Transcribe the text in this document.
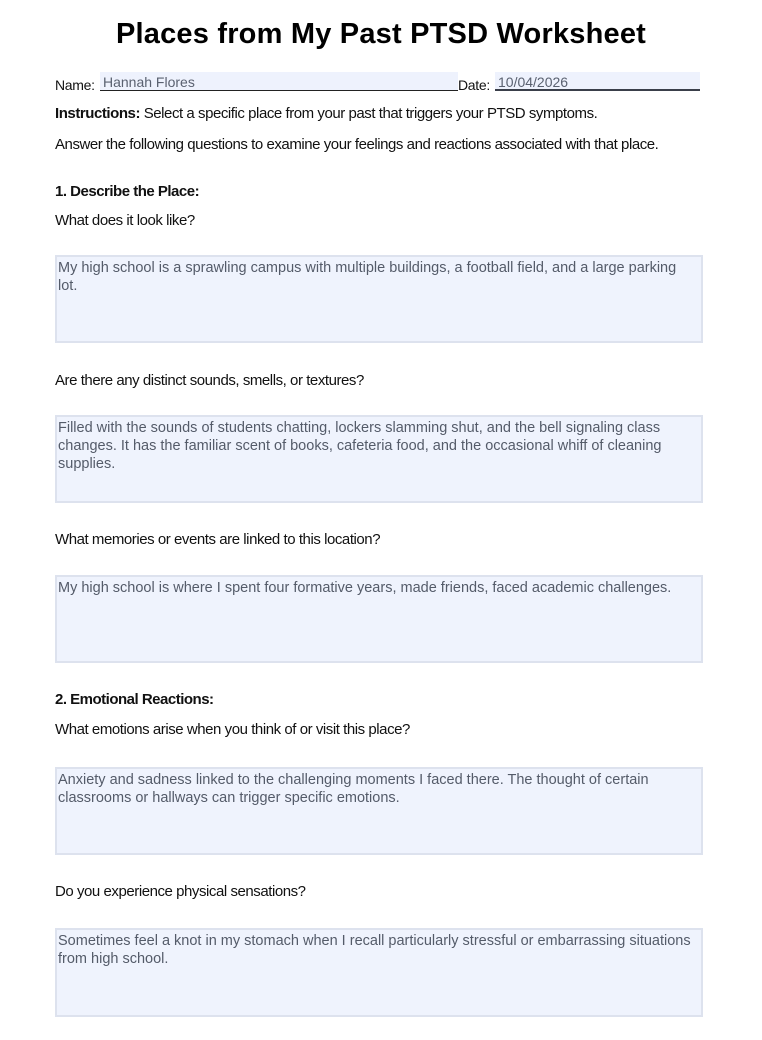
Places from My Past PTSD Worksheet
Name: Hannah Flores	Date: 10/04/2026
Instructions: Select a specific place from your past that triggers your PTSD symptoms.
Answer the following questions to examine your feelings and reactions associated with that place.
1. Describe the Place:
What does it look like?
My high school is a sprawling campus with multiple buildings, a football field, and a large parking lot.
Are there any distinct sounds, smells, or textures?
Filled with the sounds of students chatting, lockers slamming shut, and the bell signaling class changes. It has the familiar scent of books, cafeteria food, and the occasional whiff of cleaning supplies.
What memories or events are linked to this location?
My high school is where I spent four formative years, made friends, faced academic challenges.
2. Emotional Reactions:
What emotions arise when you think of or visit this place?
Anxiety and sadness linked to the challenging moments I faced there. The thought of certain classrooms or hallways can trigger specific emotions.
Do you experience physical sensations?
Sometimes feel a knot in my stomach when I recall particularly stressful or embarrassing situations from high school.
